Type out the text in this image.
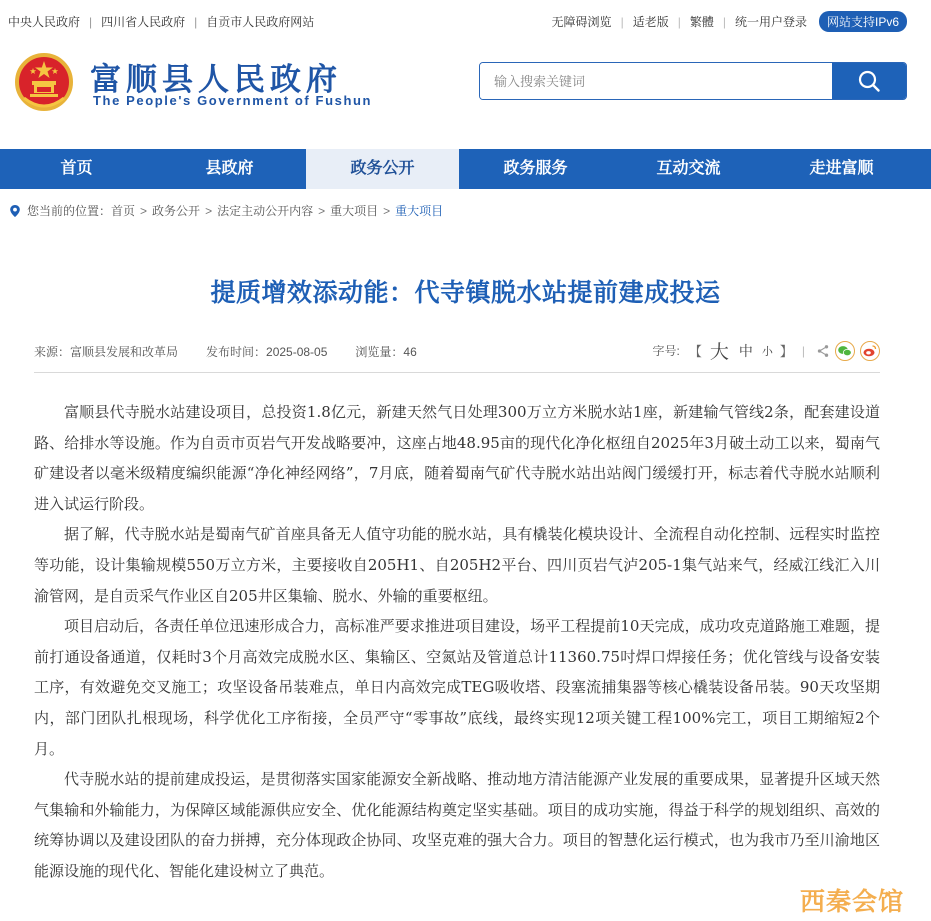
中央人民政府 | 四川省人民政府 | 自贡市人民政府网站	无障碍浏览 | 适老版 | 繁體 | 统一用户登录	网站支持IPv6
富顺县人民政府
The People's Government of Fushun
输入搜索关键词
首页	县政府	政务公开	政务服务	互动交流	走进富顺
您当前的位置： 首页 > 政务公开 > 法定主动公开内容 > 重大项目 > 重大项目
提质增效添动能：代寺镇脱水站提前建成投运
来源：富顺县发展和改革局 发布时间：2025-08-05 浏览量：46	字号: 【 大 中 小 】 |

富顺县代寺脱水站建设项目，总投资1.8亿元，新建天然气日处理300万立方米脱水站1座，新建输气管线2条，配套建设道路、给排水等设施。作为自贡市页岩气开发战略要冲，这座占地48.95亩的现代化净化枢纽自2025年3月破土动工以来，蜀南气矿建设者以毫米级精度编织能源“净化神经网络”，7月底，随着蜀南气矿代寺脱水站出站阀门缓缓打开，标志着代寺脱水站顺利进入试运行阶段。

据了解，代寺脱水站是蜀南气矿首座具备无人值守功能的脱水站，具有橇装化模块设计、全流程自动化控制、远程实时监控等功能，设计集输规模550万立方米，主要接收自205H1、自205H2平台、四川页岩气泸205-1集气站来气，经威江线汇入川渝管网，是自贡采气作业区自205井区集输、脱水、外输的重要枢纽。

项目启动后，各责任单位迅速形成合力，高标准严要求推进项目建设，场平工程提前10天完成，成功攻克道路施工难题，提前打通设备通道，仅耗时3个月高效完成脱水区、集输区、空氮站及管道总计11360.75吋焊口焊接任务；优化管线与设备安装工序，有效避免交叉施工；攻坚设备吊装难点，单日内高效完成TEG吸收塔、段塞流捕集器等核心橇装设备吊装。90天攻坚期内，部门团队扎根现场，科学优化工序衔接，全员严守“零事故”底线，最终实现12项关键工程100%完工，项目工期缩短2个月。

代寺脱水站的提前建成投运，是贯彻落实国家能源安全新战略、推动地方清洁能源产业发展的重要成果，显著提升区域天然气集输和外输能力，为保障区域能源供应安全、优化能源结构奠定坚实基础。项目的成功实施，得益于科学的规划组织、高效的统筹协调以及建设团队的奋力拼搏，充分体现政企协同、攻坚克难的强大合力。项目的智慧化运行模式，也为我市乃至川渝地区能源设施的现代化、智能化建设树立了典范。

西秦会馆
